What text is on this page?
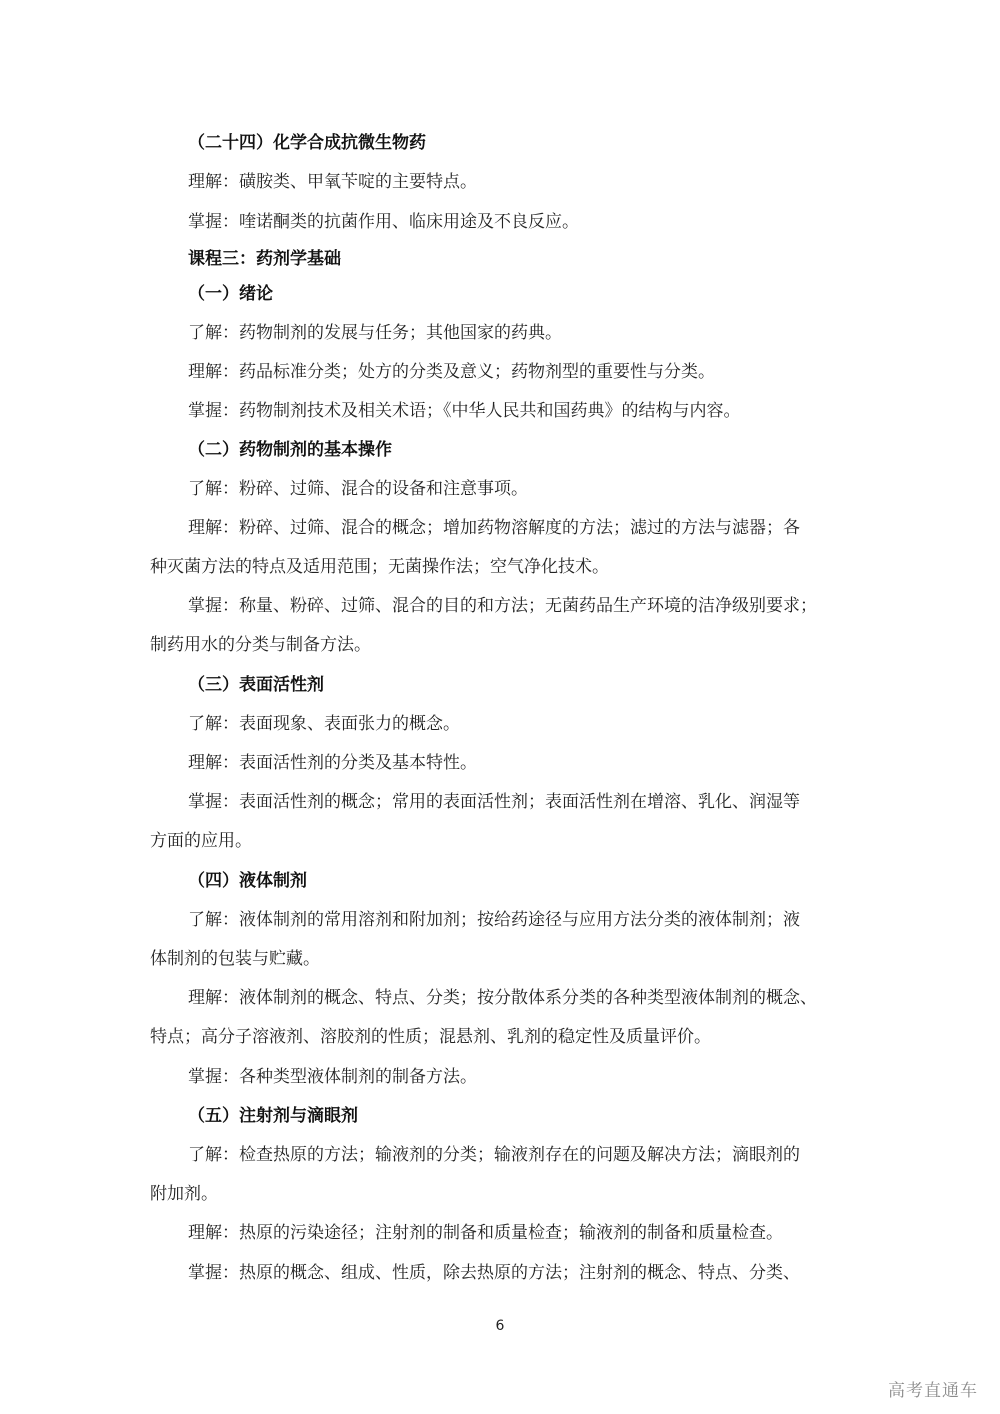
（二十四）化学合成抗微生物药
理解：磺胺类、甲氧苄啶的主要特点。
掌握：喹诺酮类的抗菌作用、临床用途及不良反应。
课程三：药剂学基础
（一）绪论
了解：药物制剂的发展与任务；其他国家的药典。
理解：药品标准分类；处方的分类及意义；药物剂型的重要性与分类。
掌握：药物制剂技术及相关术语；《中华人民共和国药典》的结构与内容。
（二）药物制剂的基本操作
了解：粉碎、过筛、混合的设备和注意事项。
理解：粉碎、过筛、混合的概念；增加药物溶解度的方法；滤过的方法与滤器；各
种灭菌方法的特点及适用范围；无菌操作法；空气净化技术。
掌握：称量、粉碎、过筛、混合的目的和方法；无菌药品生产环境的洁净级别要求；
制药用水的分类与制备方法。
（三）表面活性剂
了解：表面现象、表面张力的概念。
理解：表面活性剂的分类及基本特性。
掌握：表面活性剂的概念；常用的表面活性剂；表面活性剂在增溶、乳化、润湿等
方面的应用。
（四）液体制剂
了解：液体制剂的常用溶剂和附加剂；按给药途径与应用方法分类的液体制剂；液
体制剂的包装与贮藏。
理解：液体制剂的概念、特点、分类；按分散体系分类的各种类型液体制剂的概念、
特点；高分子溶液剂、溶胶剂的性质；混悬剂、乳剂的稳定性及质量评价。
掌握：各种类型液体制剂的制备方法。
（五）注射剂与滴眼剂
了解：检查热原的方法；输液剂的分类；输液剂存在的问题及解决方法；滴眼剂的
附加剂。
理解：热原的污染途径；注射剂的制备和质量检查；输液剂的制备和质量检查。
掌握：热原的概念、组成、性质，除去热原的方法；注射剂的概念、特点、分类、
6
高考直通车
